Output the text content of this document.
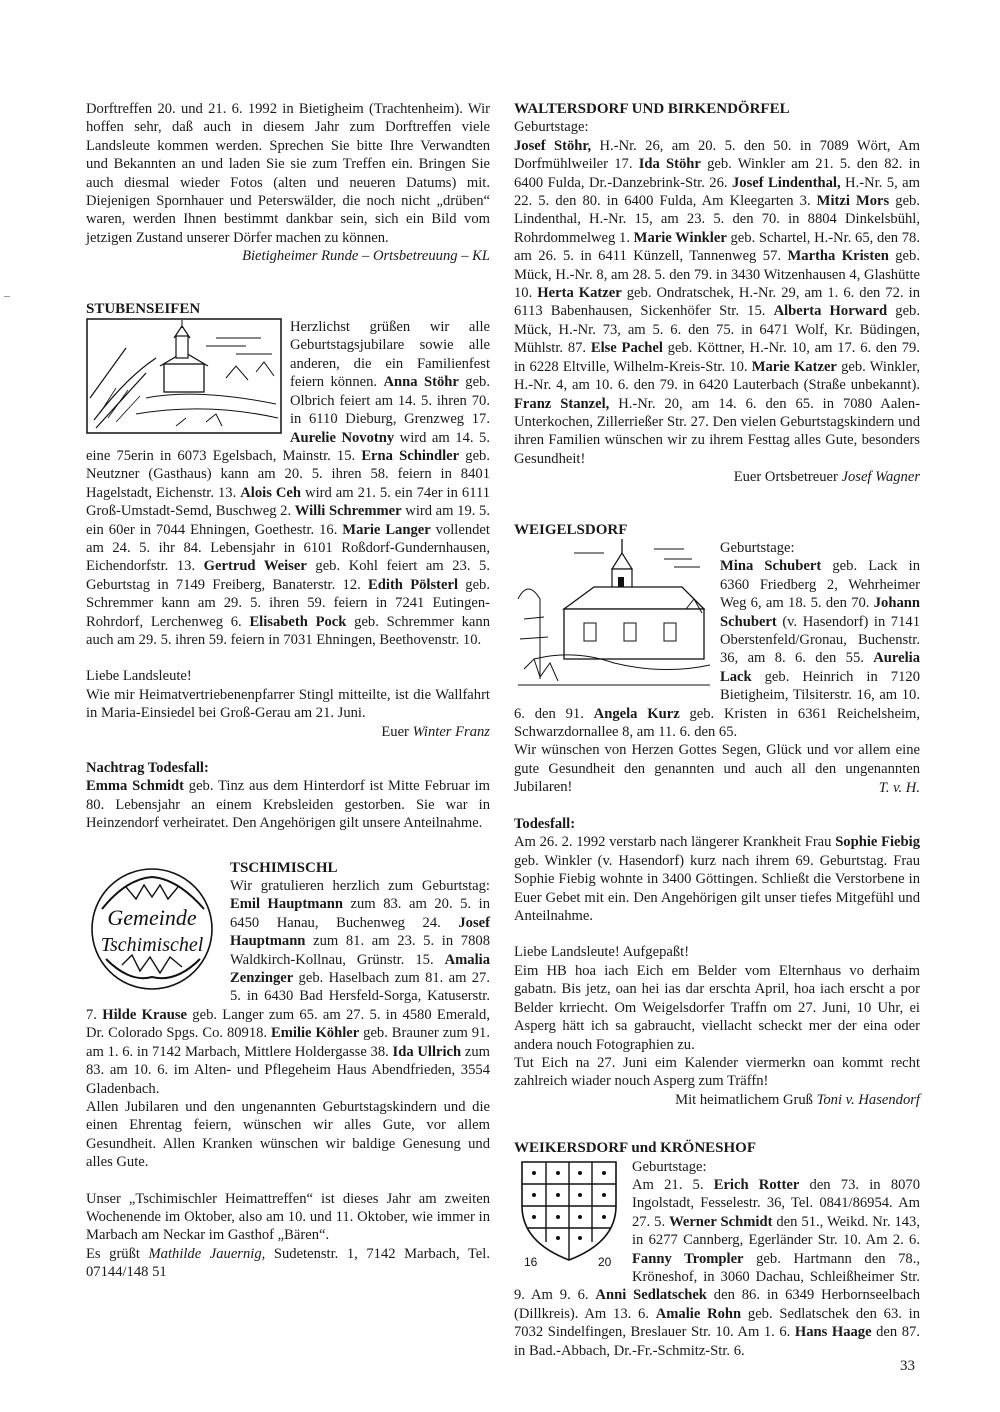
Dorftreffen 20. und 21. 6. 1992 in Bietigheim (Trachtenheim). Wir hoffen sehr, daß auch in diesem Jahr zum Dorftreffen viele Landsleute kommen werden. Sprechen Sie bitte Ihre Verwandten und Bekannten an und laden Sie sie zum Treffen ein. Bringen Sie auch diesmal wieder Fotos (alten und neueren Datums) mit. Diejenigen Spornhauer und Peterswälder, die noch nicht „drüben“ waren, werden Ihnen bestimmt dankbar sein, sich ein Bild vom jetzigen Zustand unserer Dörfer machen zu können.

Bietigheimer Runde – Ortsbetreuung – KL

STUBENSEIFEN

Herzlichst grüßen wir alle Geburtstagsjubilare sowie alle anderen, die ein Familienfest feiern können. Anna Stöhr geb. Olbrich feiert am 14. 5. ihren 70. in 6110 Dieburg, Grenzweg 17. Aurelie Novotny wird am 14. 5. eine 75erin in 6073 Egelsbach, Mainstr. 15. Erna Schindler geb. Neutzner (Gasthaus) kann am 20. 5. ihren 58. feiern in 8401 Hagelstadt, Eichenstr. 13. Alois Ceh wird am 21. 5. ein 74er in 6111 Groß-Umstadt-Semd, Buschweg 2. Willi Schremmer wird am 19. 5. ein 60er in 7044 Ehningen, Goethestr. 16. Marie Langer vollendet am 24. 5. ihr 84. Lebensjahr in 6101 Roßdorf-Gundernhausen, Eichendorfstr. 13. Gertrud Weiser geb. Kohl feiert am 23. 5. Geburtstag in 7149 Freiberg, Banaterstr. 12. Edith Pölsterl geb. Schremmer kann am 29. 5. ihren 59. feiern in 7241 Eutingen-Rohrdorf, Lerchenweg 6. Elisabeth Pock geb. Schremmer kann auch am 29. 5. ihren 59. feiern in 7031 Ehningen, Beethovenstr. 10.

Liebe Landsleute!

Wie mir Heimatvertriebenenpfarrer Stingl mitteilte, ist die Wallfahrt in Maria-Einsiedel bei Groß-Gerau am 21. Juni.

Euer Winter Franz

Nachtrag Todesfall:

Emma Schmidt geb. Tinz aus dem Hinterdorf ist Mitte Februar im 80. Lebensjahr an einem Krebsleiden gestorben. Sie war in Heinzendorf verheiratet. Den Angehörigen gilt unsere Anteilnahme.

Gemeinde
Tschimischel

TSCHIMISCHL

Wir gratulieren herzlich zum Geburtstag: Emil Hauptmann zum 83. am 20. 5. in 6450 Hanau, Buchenweg 24. Josef Hauptmann zum 81. am 23. 5. in 7808 Waldkirch-Kollnau, Grünstr. 15. Amalia Zenzinger geb. Haselbach zum 81. am 27. 5. in 6430 Bad Hersfeld-Sorga, Katuserstr. 7. Hilde Krause geb. Langer zum 65. am 27. 5. in 4580 Emerald, Dr. Colorado Spgs. Co. 80918. Emilie Köhler geb. Brauner zum 91. am 1. 6. in 7142 Marbach, Mittlere Holdergasse 38. Ida Ullrich zum 83. am 10. 6. im Alten- und Pflegeheim Haus Abendfrieden, 3554 Gladenbach.

Allen Jubilaren und den ungenannten Geburtstagskindern und die einen Ehrentag feiern, wünschen wir alles Gute, vor allem Gesundheit. Allen Kranken wünschen wir baldige Genesung und alles Gute.

Unser „Tschimischler Heimattreffen“ ist dieses Jahr am zweiten Wochenende im Oktober, also am 10. und 11. Oktober, wie immer in Marbach am Neckar im Gasthof „Bären“.

Es grüßt Mathilde Jauernig, Sudetenstr. 1, 7142 Marbach, Tel. 07144/148 51

WALTERSDORF UND BIRKENDÖRFEL

Geburtstage:

Josef Stöhr, H.-Nr. 26, am 20. 5. den 50. in 7089 Wört, Am Dorfmühlweiler 17. Ida Stöhr geb. Winkler am 21. 5. den 82. in 6400 Fulda, Dr.-Danzebrink-Str. 26. Josef Lindenthal, H.-Nr. 5, am 22. 5. den 80. in 6400 Fulda, Am Kleegarten 3. Mitzi Mors geb. Lindenthal, H.-Nr. 15, am 23. 5. den 70. in 8804 Dinkelsbühl, Rohrdommelweg 1. Marie Winkler geb. Schartel, H.-Nr. 65, den 78. am 26. 5. in 6411 Künzell, Tannenweg 57. Martha Kristen geb. Mück, H.-Nr. 8, am 28. 5. den 79. in 3430 Witzenhausen 4, Glashütte 10. Herta Katzer geb. Ondratschek, H.-Nr. 29, am 1. 6. den 72. in 6113 Babenhausen, Sickenhöfer Str. 15. Alberta Horward geb. Mück, H.-Nr. 73, am 5. 6. den 75. in 6471 Wolf, Kr. Büdingen, Mühlstr. 87. Else Pachel geb. Köttner, H.-Nr. 10, am 17. 6. den 79. in 6228 Eltville, Wilhelm-Kreis-Str. 10. Marie Katzer geb. Winkler, H.-Nr. 4, am 10. 6. den 79. in 6420 Lauterbach (Straße unbekannt). Franz Stanzel, H.-Nr. 20, am 14. 6. den 65. in 7080 Aalen-Unterkochen, Zillerrießer Str. 27. Den vielen Geburtstagskindern und ihren Familien wünschen wir zu ihrem Festtag alles Gute, besonders Gesundheit!

Euer Ortsbetreuer Josef Wagner

WEIGELSDORF

Geburtstage:

Mina Schubert geb. Lack in 6360 Friedberg 2, Wehrheimer Weg 6, am 18. 5. den 70. Johann Schubert (v. Hasendorf) in 7141 Oberstenfeld/Gronau, Buchenstr. 36, am 8. 6. den 55. Aurelia Lack geb. Heinrich in 7120 Bietigheim, Tilsiterstr. 16, am 10. 6. den 91. Angela Kurz geb. Kristen in 6361 Reichelsheim, Schwarzdornallee 8, am 11. 6. den 65.

Wir wünschen von Herzen Gottes Segen, Glück und vor allem eine gute Gesundheit den genannten und auch all den ungenannten Jubilaren!	T. v. H.

Todesfall:

Am 26. 2. 1992 verstarb nach längerer Krankheit Frau Sophie Fiebig geb. Winkler (v. Hasendorf) kurz nach ihrem 69. Geburtstag. Frau Sophie Fiebig wohnte in 3400 Göttingen. Schließt die Verstorbene in Euer Gebet mit ein. Den Angehörigen gilt unser tiefes Mitgefühl und Anteilnahme.

Liebe Landsleute! Aufgepaßt!

Eim HB hoa iach Eich em Belder vom Elternhaus vo derhaim gabatn. Bis jetz, oan hei ias dar erschta April, hoa iach erscht a por Belder krriecht. Om Weigelsdorfer Traffn om 27. Juni, 10 Uhr, ei Asperg hätt ich sa gabraucht, viellacht scheckt mer der eina oder andera nouch Fotographien zu.

Tut Eich na 27. Juni eim Kalender viermerkn oan kommt recht zahlreich wiader nouch Asperg zum Träffn!

Mit heimatlichem Gruß Toni v. Hasendorf

WEIKERSDORF und KRÖNESHOF

16	20

Geburtstage:

Am 21. 5. Erich Rotter den 73. in 8070 Ingolstadt, Fesselestr. 36, Tel. 0841/86954. Am 27. 5. Werner Schmidt den 51., Weikd. Nr. 143, in 6277 Cannberg, Egerländer Str. 10. Am 2. 6. Fanny Trompler geb. Hartmann den 78., Kröneshof, in 3060 Dachau, Schleißheimer Str. 9. Am 9. 6. Anni Sedlatschek den 86. in 6349 Herbornseelbach (Dillkreis). Am 13. 6. Amalie Rohn geb. Sedlatschek den 63. in 7032 Sindelfingen, Breslauer Str. 10. Am 1. 6. Hans Haage den 87. in Bad.-Abbach, Dr.-Fr.-Schmitz-Str. 6.

33
